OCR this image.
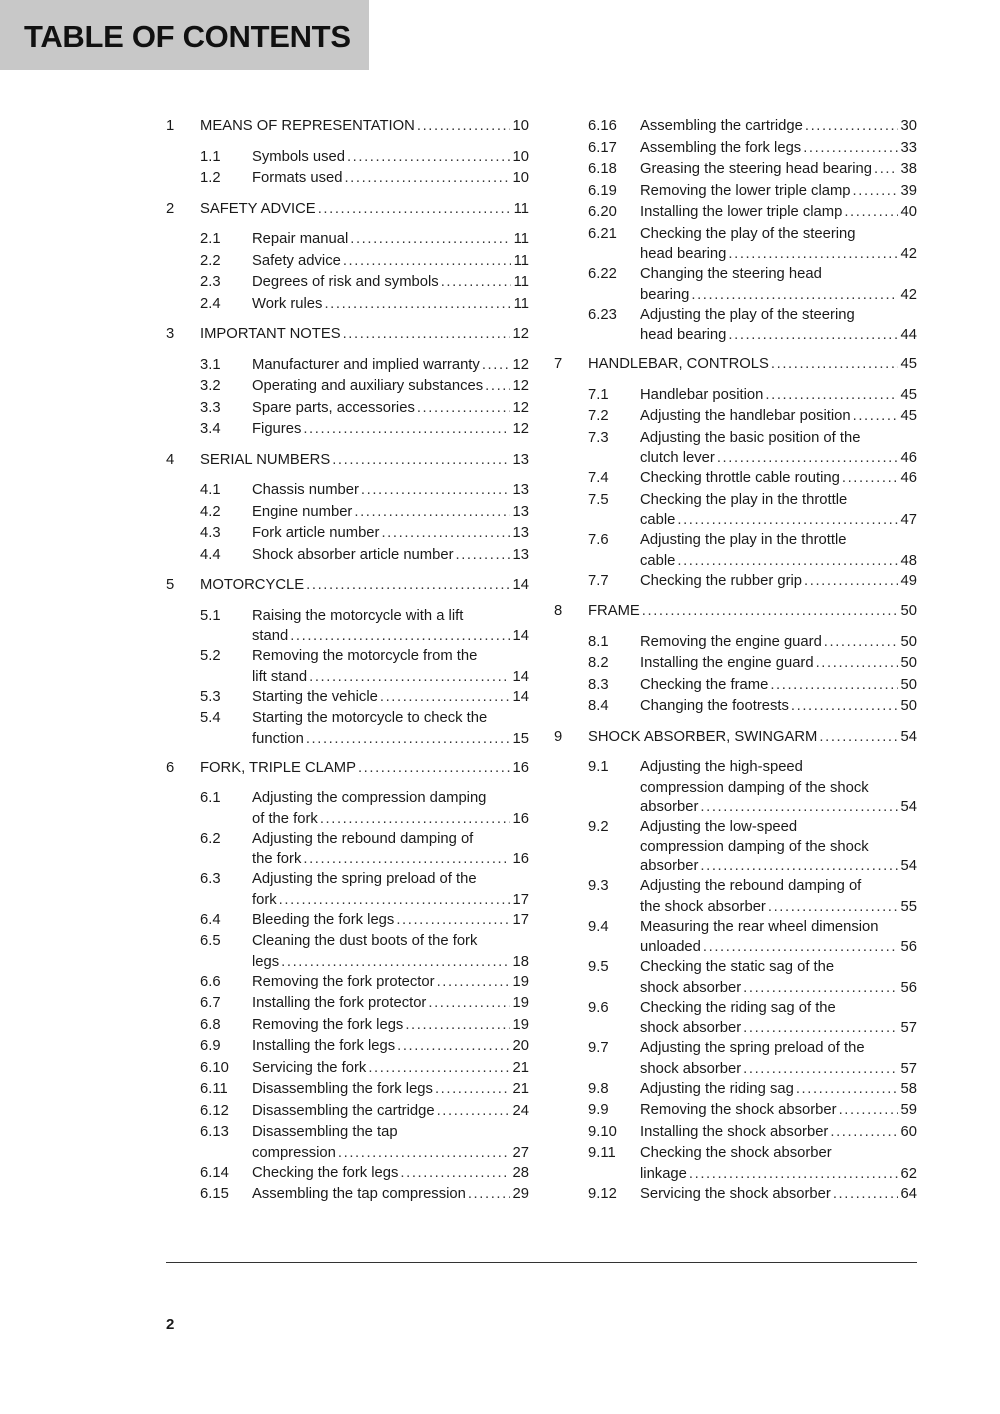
TABLE OF CONTENTS
1	MEANS OF REPRESENTATION .....	10
1.1	Symbols used .....	10
1.2	Formats used .....	10
2	SAFETY ADVICE .....	11
2.1	Repair manual .....	11
2.2	Safety advice .....	11
2.3	Degrees of risk and symbols .....	11
2.4	Work rules .....	11
3	IMPORTANT NOTES .....	12
3.1	Manufacturer and implied warranty ..... 12
3.2	Operating and auxiliary substances ..... 12
3.3	Spare parts, accessories .....	12
3.4	Figures .....	12
4	SERIAL NUMBERS .....	13
4.1	Chassis number .....	13
4.2	Engine number .....	13
4.3	Fork article number .....	13
4.4	Shock absorber article number .....	13
5	MOTORCYCLE .....	14
5.1	Raising the motorcycle with a lift
stand .....	14
5.2	Removing the motorcycle from the
lift stand .....	14
5.3	Starting the vehicle .....	14
5.4	Starting the motorcycle to check the
function .....	15
6	FORK, TRIPLE CLAMP .....	16
6.1	Adjusting the compression damping
of the fork .....	16
6.2	Adjusting the rebound damping of
the fork .....	16
6.3	Adjusting the spring preload of the
fork .....	17
6.4	Bleeding the fork legs .....	17
6.5	Cleaning the dust boots of the fork
legs .....	18
6.6	Removing the fork protector .....	19
6.7	Installing the fork protector .....	19
6.8	Removing the fork legs .....	19
6.9	Installing the fork legs .....	20
6.10	Servicing the fork .....	21
6.11	Disassembling the fork legs .....	21
6.12	Disassembling the cartridge .....	24
6.13	Disassembling the tap
compression .....	27
6.14	Checking the fork legs .....	28
6.15	Assembling the tap compression .....	29
6.16	Assembling the cartridge .....	30
6.17	Assembling the fork legs .....	33
6.18	Greasing the steering head bearing ..... 38
6.19	Removing the lower triple clamp .....	39
6.20	Installing the lower triple clamp .....	40
6.21	Checking the play of the steering
head bearing .....	42
6.22	Changing the steering head
bearing .....	42
6.23	Adjusting the play of the steering
head bearing .....	44
7	HANDLEBAR, CONTROLS .....	45
7.1	Handlebar position .....	45
7.2	Adjusting the handlebar position .....	45
7.3	Adjusting the basic position of the
clutch lever .....	46
7.4	Checking throttle cable routing .....	46
7.5	Checking the play in the throttle
cable .....	47
7.6	Adjusting the play in the throttle
cable .....	48
7.7	Checking the rubber grip .....	49
8	FRAME .....	50
8.1	Removing the engine guard .....	50
8.2	Installing the engine guard .....	50
8.3	Checking the frame .....	50
8.4	Changing the footrests .....	50
9	SHOCK ABSORBER, SWINGARM .....	54
9.1	Adjusting the high-speed
compression damping of the shock
absorber .....	54
9.2	Adjusting the low-speed
compression damping of the shock
absorber .....	54
9.3	Adjusting the rebound damping of
the shock absorber .....	55
9.4	Measuring the rear wheel dimension
unloaded .....	56
9.5	Checking the static sag of the
shock absorber .....	56
9.6	Checking the riding sag of the
shock absorber .....	57
9.7	Adjusting the spring preload of the
shock absorber .....	57
9.8	Adjusting the riding sag .....	58
9.9	Removing the shock absorber .....	59
9.10	Installing the shock absorber .....	60
9.11	Checking the shock absorber
linkage .....	62
9.12	Servicing the shock absorber .....	64
2
